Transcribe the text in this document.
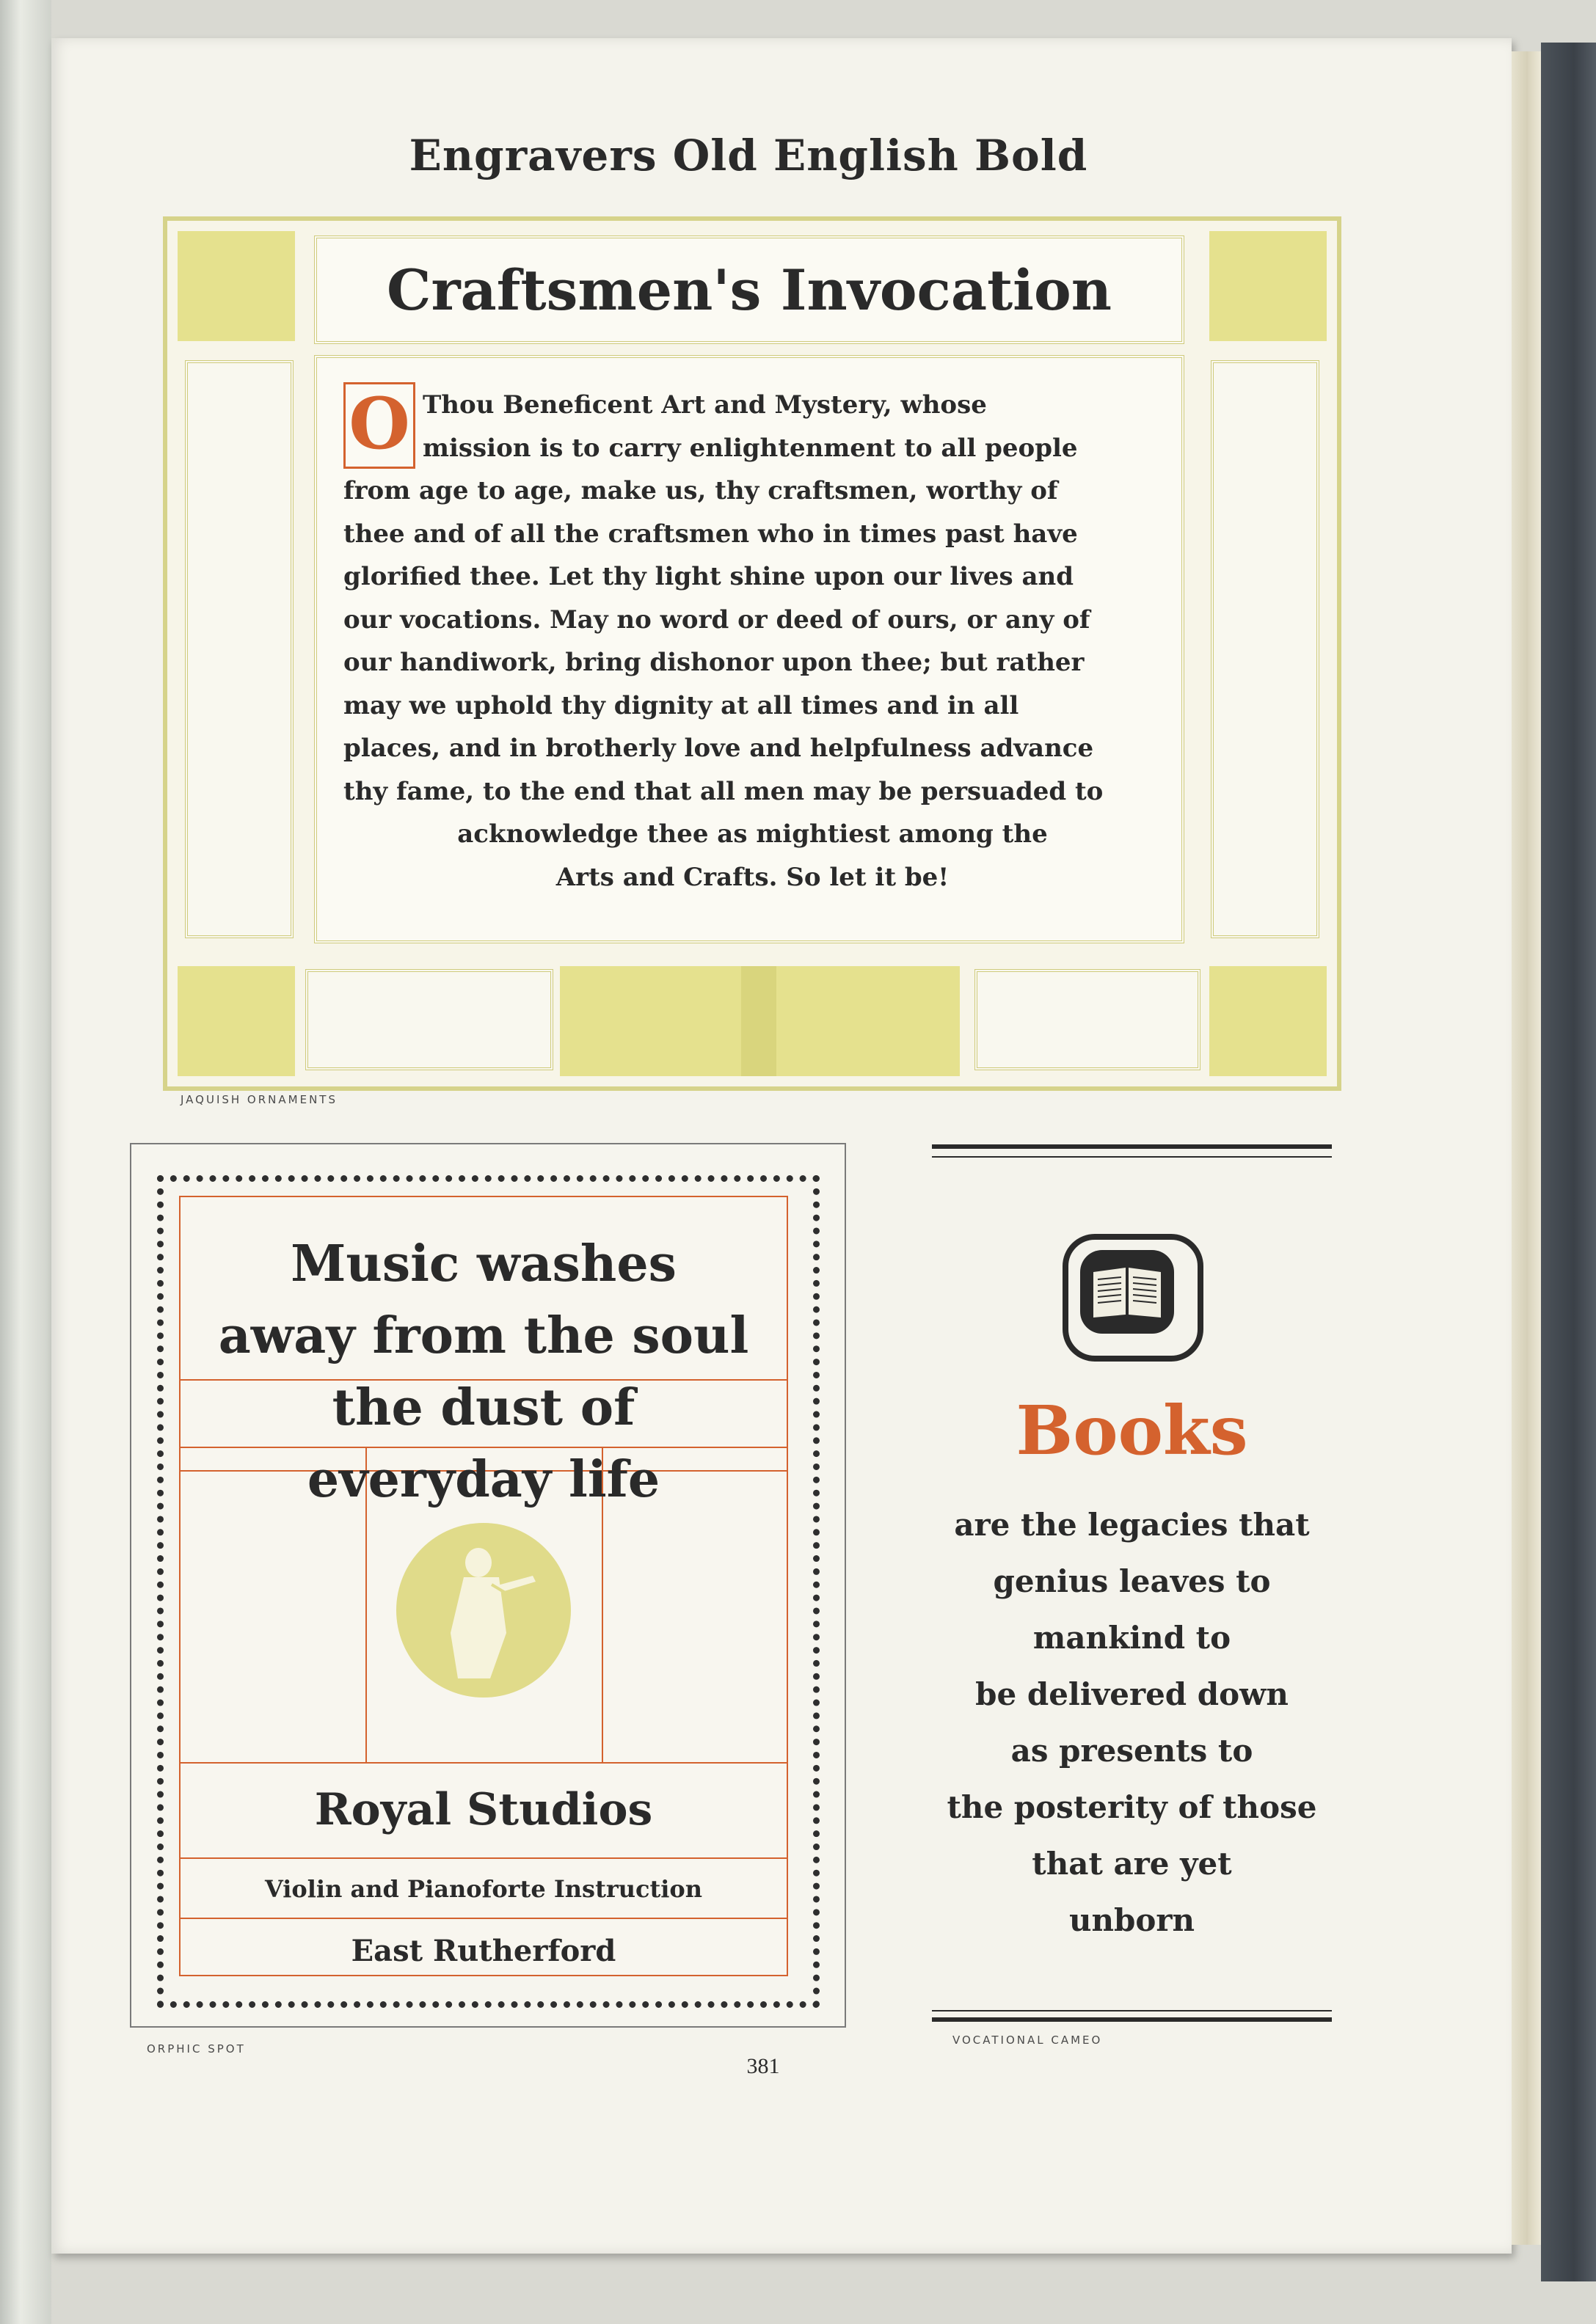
Engravers Old English Bold
Craftsmen's Invocation
O Thou Beneficent Art and Mystery, whose
mission is to carry enlightenment to all people
from age to age, make us, thy craftsmen, worthy of
thee and of all the craftsmen who in times past have
glorified thee. Let thy light shine upon our lives and
our vocations. May no word or deed of ours, or any of
our handiwork, bring dishonor upon thee; but rather
may we uphold thy dignity at all times and in all
places, and in brotherly love and helpfulness advance
thy fame, to the end that all men may be persuaded to
acknowledge thee as mightiest among the
Arts and Crafts. So let it be!
JAQUISH ORNAMENTS
Music washes
away from the soul
the dust of
everyday life
Royal Studios
Violin and Pianoforte Instruction
East Rutherford
ORPHIC SPOT
Books
are the legacies that
genius leaves to
mankind to
be delivered down
as presents to
the posterity of those
that are yet
unborn
VOCATIONAL CAMEO
381
